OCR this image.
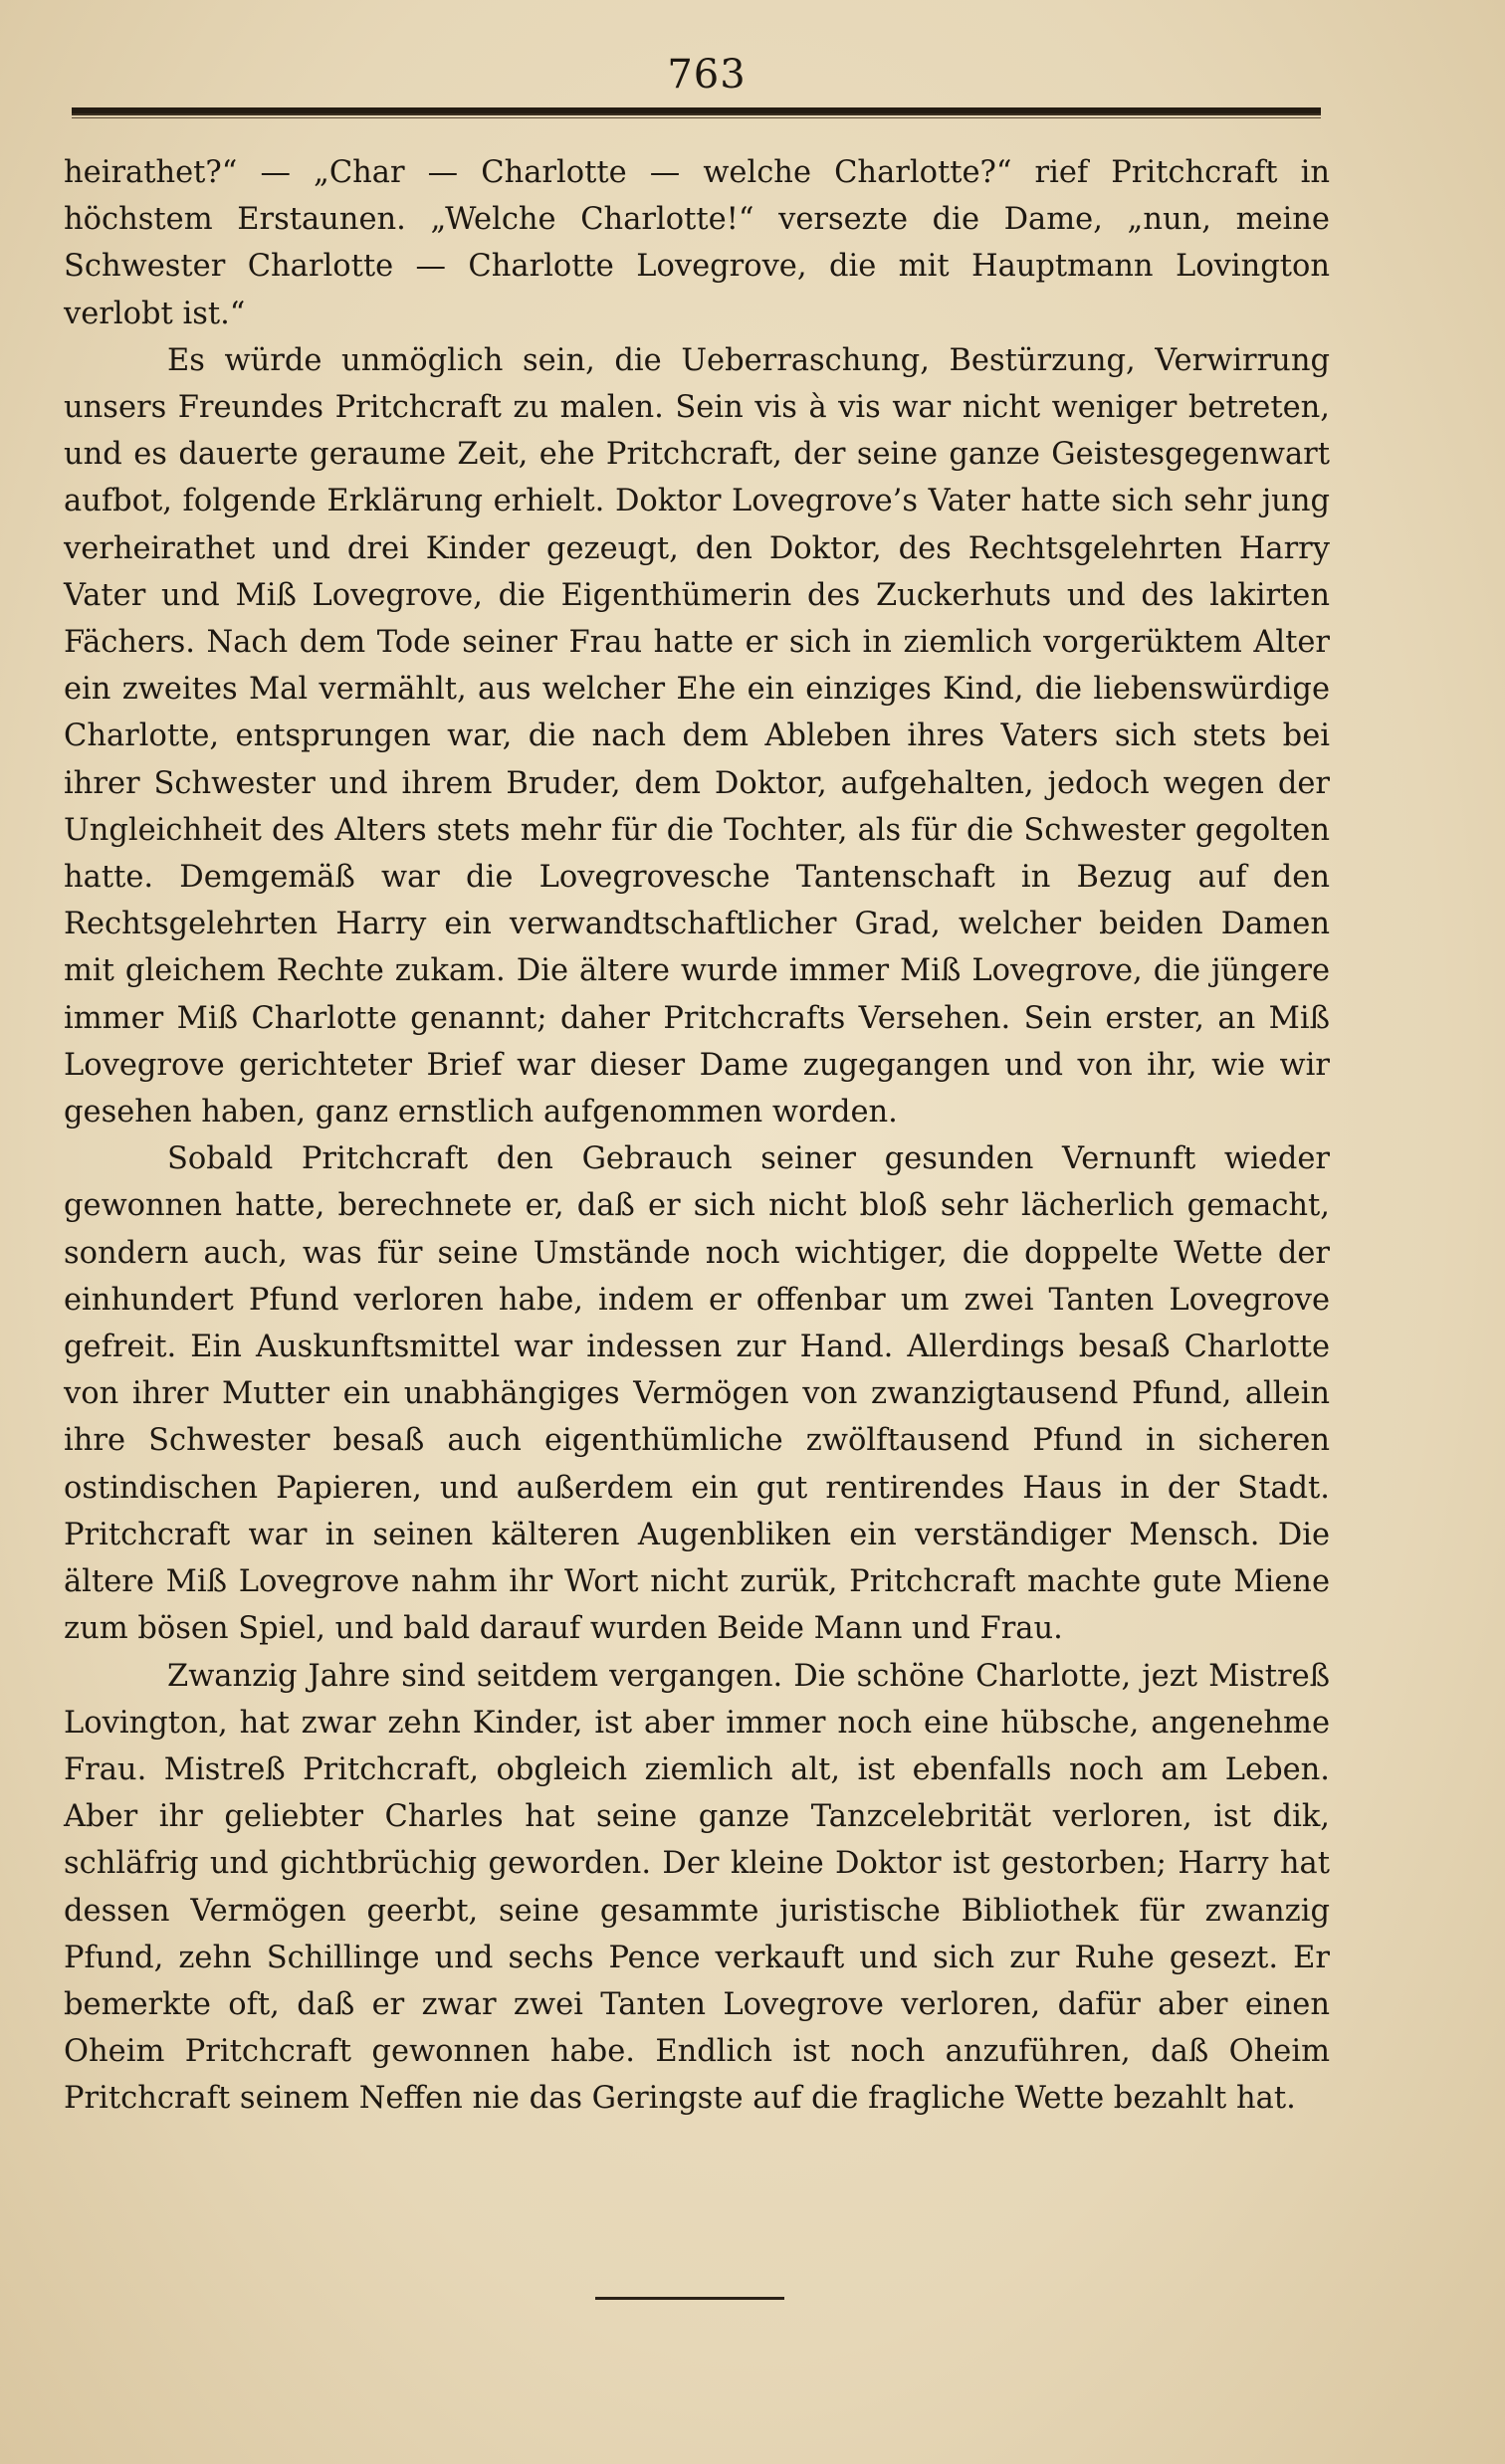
763

heirathet?“ — „Char — Charlotte — welche Charlotte?“ rief Pritchcraft in höchstem Erstaunen. „Welche Charlotte!“ versezte die Dame, „nun, meine Schwester Charlotte — Charlotte Lovegrove, die mit Hauptmann Lovington verlobt ist.“

Es würde unmöglich sein, die Ueberraschung, Bestürzung, Verwirrung unsers Freundes Pritchcraft zu malen. Sein vis à vis war nicht weniger betreten, und es dauerte geraume Zeit, ehe Pritchcraft, der seine ganze Geistesgegenwart aufbot, folgende Erklärung erhielt. Doktor Lovegrove’s Vater hatte sich sehr jung verheirathet und drei Kinder gezeugt, den Doktor, des Rechtsgelehrten Harry Vater und Miß Lovegrove, die Eigenthümerin des Zuckerhuts und des lakirten Fächers. Nach dem Tode seiner Frau hatte er sich in ziemlich vorgerüktem Alter ein zweites Mal vermählt, aus welcher Ehe ein einziges Kind, die liebenswürdige Charlotte, entsprungen war, die nach dem Ableben ihres Vaters sich stets bei ihrer Schwester und ihrem Bruder, dem Doktor, aufgehalten, jedoch wegen der Ungleichheit des Alters stets mehr für die Tochter, als für die Schwester gegolten hatte. Demgemäß war die Lovegrovesche Tantenschaft in Bezug auf den Rechtsgelehrten Harry ein verwandtschaftlicher Grad, welcher beiden Damen mit gleichem Rechte zukam. Die ältere wurde immer Miß Lovegrove, die jüngere immer Miß Charlotte genannt; daher Pritchcrafts Versehen. Sein erster, an Miß Lovegrove gerichteter Brief war dieser Dame zugegangen und von ihr, wie wir gesehen haben, ganz ernstlich aufgenommen worden.

Sobald Pritchcraft den Gebrauch seiner gesunden Vernunft wieder gewonnen hatte, berechnete er, daß er sich nicht bloß sehr lächerlich gemacht, sondern auch, was für seine Umstände noch wichtiger, die doppelte Wette der einhundert Pfund verloren habe, indem er offenbar um zwei Tanten Lovegrove gefreit. Ein Auskunftsmittel war indessen zur Hand. Allerdings besaß Charlotte von ihrer Mutter ein unabhängiges Vermögen von zwanzigtausend Pfund, allein ihre Schwester besaß auch eigenthümliche zwölftausend Pfund in sicheren ostindischen Papieren, und außerdem ein gut rentirendes Haus in der Stadt. Pritchcraft war in seinen kälteren Augenbliken ein verständiger Mensch. Die ältere Miß Lovegrove nahm ihr Wort nicht zurük, Pritchcraft machte gute Miene zum bösen Spiel, und bald darauf wurden Beide Mann und Frau.

Zwanzig Jahre sind seitdem vergangen. Die schöne Charlotte, jezt Mistreß Lovington, hat zwar zehn Kinder, ist aber immer noch eine hübsche, angenehme Frau. Mistreß Pritchcraft, obgleich ziemlich alt, ist ebenfalls noch am Leben. Aber ihr geliebter Charles hat seine ganze Tanzcelebrität verloren, ist dik, schläfrig und gichtbrüchig geworden. Der kleine Doktor ist gestorben; Harry hat dessen Vermögen geerbt, seine gesammte juristische Bibliothek für zwanzig Pfund, zehn Schillinge und sechs Pence verkauft und sich zur Ruhe gesezt. Er bemerkte oft, daß er zwar zwei Tanten Lovegrove verloren, dafür aber einen Oheim Pritchcraft gewonnen habe. Endlich ist noch anzuführen, daß Oheim Pritchcraft seinem Neffen nie das Geringste auf die fragliche Wette bezahlt hat.
